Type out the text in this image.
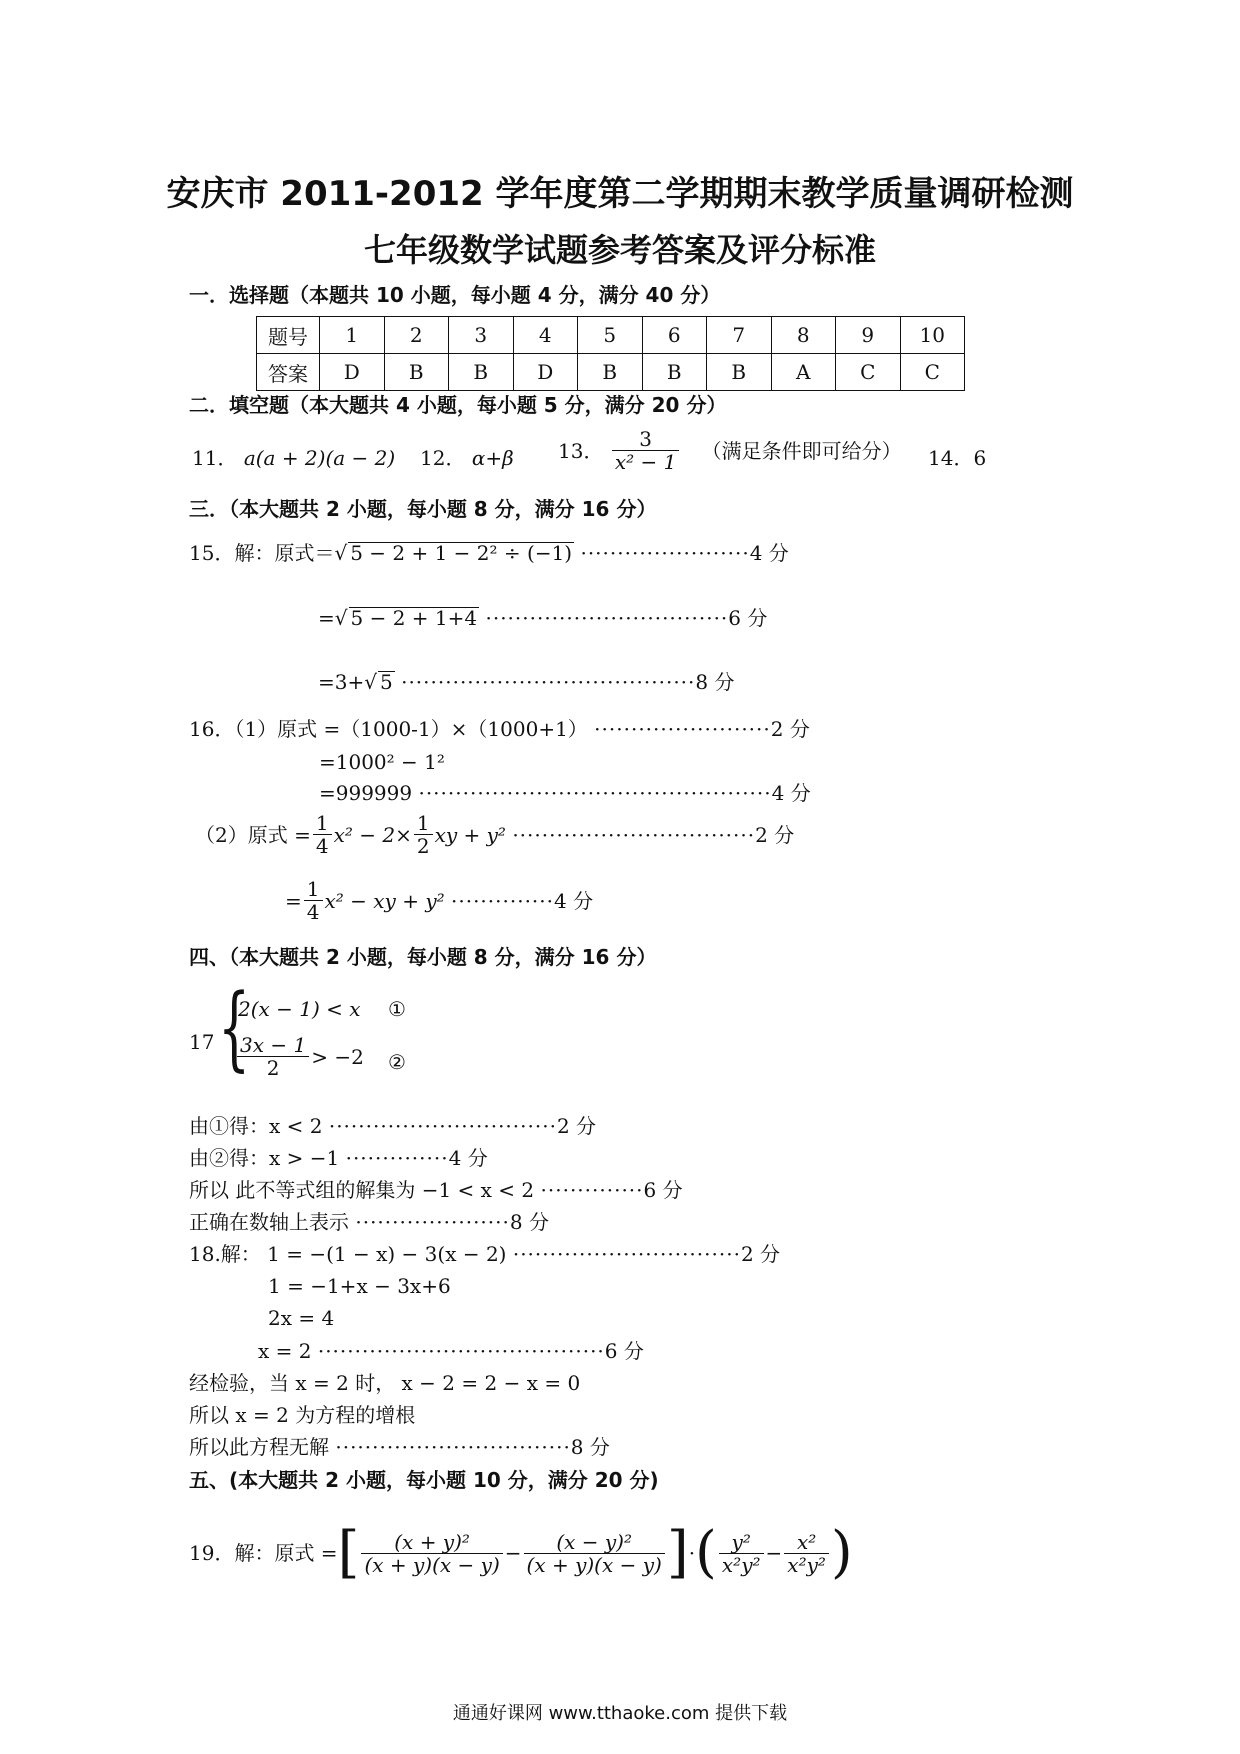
安庆市 2011-2012 学年度第二学期期末教学质量调研检测
七年级数学试题参考答案及评分标准
一．选择题（本题共 10 小题，每小题 4 分，满分 40 分）
题号	1	2	3	4	5	6	7	8	9	10
答案	D	B	B	D	B	B	B	A	C	C
二．填空题（本大题共 4 小题，每小题 5 分，满分 20 分）
11． a(a + 2)(a − 2) 12． α+β 13． $\frac{3}{\text{x² − 1}}$ （满足条件即可给分） 14．6
三．（本大题共 2 小题，每小题 8 分，满分 16 分）
15．解：原式＝√ 5 − 2 + 1 − 2² ÷ (−1) ·······················4 分
=√ 5 − 2 + 1+4 ·································6 分
=3+√ 5 ········································8 分
16．（1）原式 =（1000-1）×（1000+1） ························2 分
=1000² − 1²
=999999 ················································4 分
（2）原式 = $\frac{1}{4} x^2 - 2\times \frac{1}{2}$ xy + y² ·································2 分
= $\frac{1}{4} x^2$ − xy + y² ··············4 分
四、（本大题共 2 小题，每小题 8 分，满分 16 分）
17 {
2(x − 1) < x ①
$\frac{3x - 1}{2} > -2$ ②
由①得：x < 2 ·······························2 分
由②得：x > −1 ··············4 分
所以 此不等式组的解集为 −1 < x < 2 ··············6 分
正确在数轴上表示 ·····················8 分
18.解： 1 = −(1 − x) − 3(x − 2) ·······························2 分
1 = −1+x − 3x+6
2x = 4
x = 2 ·······································6 分
经检验，当 x = 2 时， x − 2 = 2 − x = 0
所以 x = 2 为方程的增根
所以此方程无解 ································8 分
五、(本大题共 2 小题，每小题 10 分，满分 20 分)
19．解：原式 =[ $\frac{\text{(x + y)²}}{(x + y)(x - y)} - \frac{\text{(x − y)²}}{(x + y)(x - y)}$ ]·( $\frac{\text{y²}}{\text{x²y²}} - \frac{\text{x²}}{\text{x²y²}}$ )
通通好课网 www.tthaoke.com 提供下载
